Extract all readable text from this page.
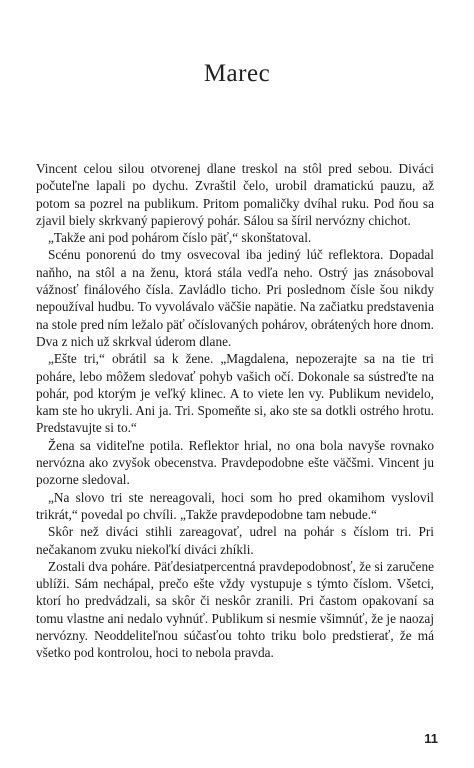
Marec

Vincent celou silou otvorenej dlane treskol na stôl pred sebou. Diváci počuteľne lapali po dychu. Zvraštil čelo, urobil dramatickú pauzu, až potom sa pozrel na publikum. Pritom pomaličky dvíhal ruku. Pod ňou sa zjavil biely skrkvaný papierový pohár. Sálou sa šíril nervózny chichot.

„Takže ani pod pohárom číslo päť,“ skonštatoval.

Scénu ponorenú do tmy osvecoval iba jediný lúč reflektora. Dopadal naňho, na stôl a na ženu, ktorá stála vedľa neho. Ostrý jas znásoboval vážnosť finálového čísla. Zavládlo ticho. Pri poslednom čísle šou nikdy nepoužíval hudbu. To vyvolávalo väčšie napätie. Na začiatku predstavenia na stole pred ním ležalo päť očíslovaných pohárov, obrátených hore dnom. Dva z nich už skrkval úderom dlane.

„Ešte tri,“ obrátil sa k žene. „Magdalena, nepozerajte sa na tie tri poháre, lebo môžem sledovať pohyb vašich očí. Dokonale sa sústreďte na pohár, pod ktorým je veľký klinec. A to viete len vy. Publikum nevidelo, kam ste ho ukryli. Ani ja. Tri. Spomeňte si, ako ste sa dotkli ostrého hrotu. Predstavujte si to.“

Žena sa viditeľne potila. Reflektor hrial, no ona bola navyše rovnako nervózna ako zvyšok obecenstva. Pravdepodobne ešte väčšmi. Vincent ju pozorne sledoval.

„Na slovo tri ste nereagovali, hoci som ho pred okamihom vyslovil trikrát,“ povedal po chvíli. „Takže pravdepodobne tam nebude.“

Skôr než diváci stihli zareagovať, udrel na pohár s číslom tri. Pri nečakanom zvuku niekoľkí diváci zhíkli.

Zostali dva poháre. Päťdesiatpercentná pravdepodobnosť, že si zaručene ublíži. Sám nechápal, prečo ešte vždy vystupuje s týmto číslom. Všetci, ktorí ho predvádzali, sa skôr či neskôr zranili. Pri častom opakovaní sa tomu vlastne ani nedalo vyhnúť. Publikum si nesmie všimnúť, že je naozaj nervózny. Neoddeliteľnou súčasťou tohto triku bolo predstierať, že má všetko pod kontrolou, hoci to nebola pravda.

11
